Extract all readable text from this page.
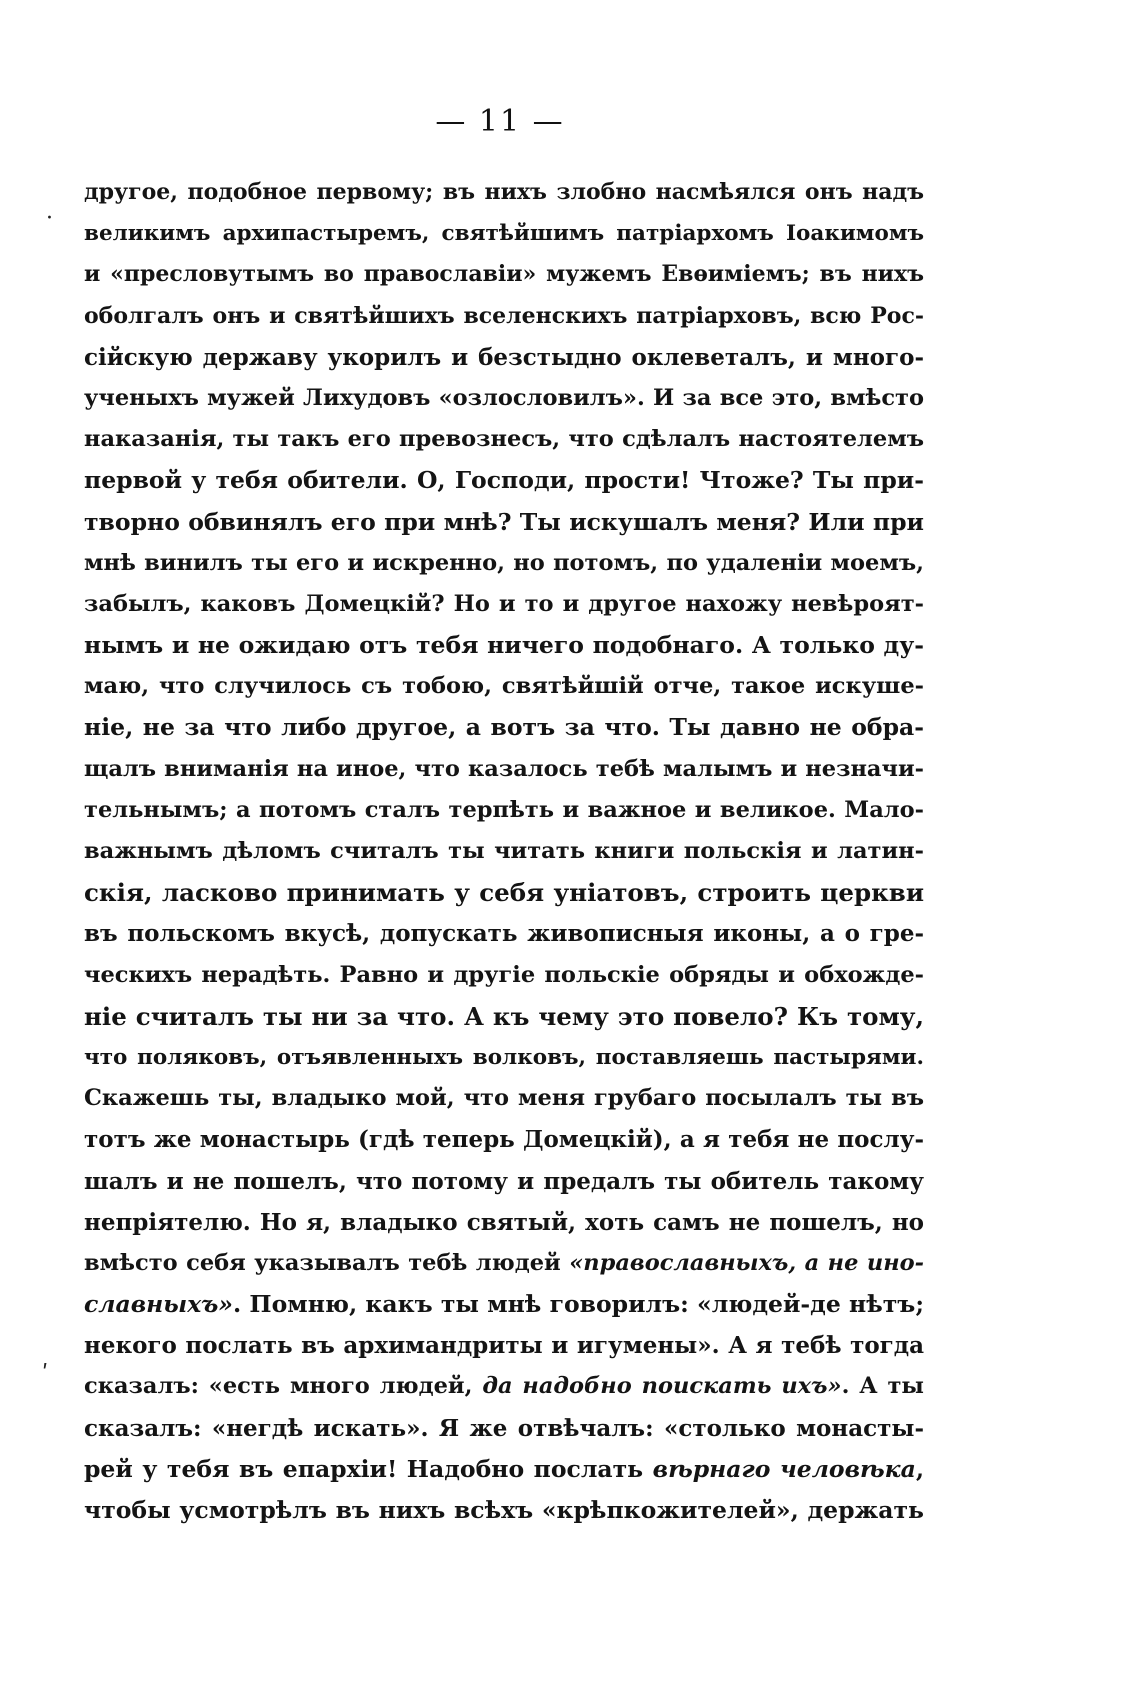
— 11 —
·
ʹ
другое, подобное первому; въ нихъ злобно насмѣялся онъ надъ
великимъ архипастыремъ, святѣйшимъ патріархомъ Іоакимомъ
и «пресловутымъ во православіи» мужемъ Евѳиміемъ; въ нихъ
оболгалъ онъ и святѣйшихъ вселенскихъ патріарховъ, всю Рос-
сійскую державу укорилъ и безстыдно оклеветалъ, и много-
ученыхъ мужей Лихудовъ «озлословилъ». И за все это, вмѣсто
наказанія, ты такъ его превознесъ, что сдѣлалъ настоятелемъ
первой у тебя обители. О, Господи, прости! Чтоже? Ты при-
творно обвинялъ его при мнѣ? Ты искушалъ меня? Или при
мнѣ винилъ ты его и искренно, но потомъ, по удаленіи моемъ,
забылъ, каковъ Домецкій? Но и то и другое нахожу невѣроят-
нымъ и не ожидаю отъ тебя ничего подобнаго. А только ду-
маю, что случилось съ тобою, святѣйшій отче, такое искуше-
ніе, не за что либо другое, а вотъ за что. Ты давно не обра-
щалъ вниманія на иное, что казалось тебѣ малымъ и незначи-
тельнымъ; а потомъ сталъ терпѣть и важное и великое. Мало-
важнымъ дѣломъ считалъ ты читать книги польскія и латин-
скія, ласково принимать у себя уніатовъ, строить церкви
въ польскомъ вкусѣ, допускать живописныя иконы, а о гре-
ческихъ нерадѣть. Равно и другіе польскіе обряды и обхожде-
ніе считалъ ты ни за что. А къ чему это повело? Къ тому,
что поляковъ, отъявленныхъ волковъ, поставляешь пастырями.
Скажешь ты, владыко мой, что меня грубаго посылалъ ты въ
тотъ же монастырь (гдѣ теперь Домецкій), а я тебя не послу-
шалъ и не пошелъ, что потому и предалъ ты обитель такому
непріятелю. Но я, владыко святый, хоть самъ не пошелъ, но
вмѣсто себя указывалъ тебѣ людей «православныхъ, а не ино-
славныхъ». Помню, какъ ты мнѣ говорилъ: «людей-де нѣтъ;
некого послать въ архимандриты и игумены». А я тебѣ тогда
сказалъ: «есть много людей, да надобно поискать ихъ». А ты
сказалъ: «негдѣ искать». Я же отвѣчалъ: «столько монасты-
рей у тебя въ епархіи! Надобно послать вѣрнаго человѣка,
чтобы усмотрѣлъ въ нихъ всѣхъ «крѣпкожителей», держать
